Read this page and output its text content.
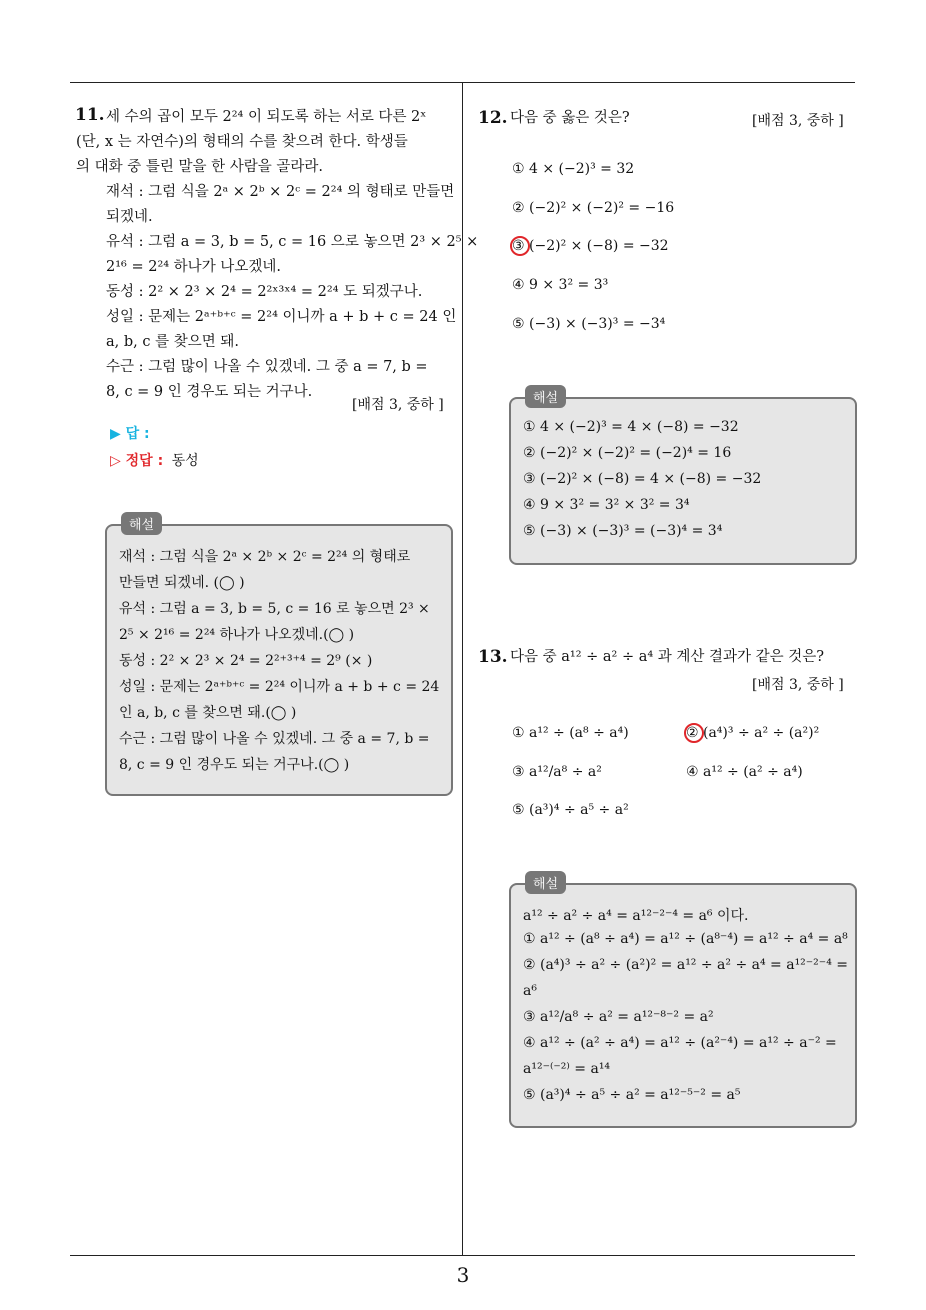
3
11. 세 수의 곱이 모두 2²⁴ 이 되도록 하는 서로 다른 2ˣ
(단, x 는 자연수)의 형태의 수를 찾으려 한다. 학생들
의 대화 중 틀린 말을 한 사람을 골라라.
재석 : 그럼 식을 2ᵃ × 2ᵇ × 2ᶜ = 2²⁴ 의 형태로 만들면
되겠네.
유석 : 그럼 a = 3, b = 5, c = 16 으로 놓으면 2³ × 2⁵ ×
2¹⁶ = 2²⁴ 하나가 나오겠네.
동성 : 2² × 2³ × 2⁴ = 2²ˣ³ˣ⁴ = 2²⁴ 도 되겠구나.
성일 : 문제는 2ᵃ⁺ᵇ⁺ᶜ = 2²⁴ 이니까 a + b + c = 24 인
a, b, c 를 찾으면 돼.
수근 : 그럼 많이 나올 수 있겠네. 그 중 a = 7, b =
8, c = 9 인 경우도 되는 거구나.
[배점 3, 중하 ]
▶ 답 :
▷ 정답 : 동성
해설
재석 : 그럼 식을 2ᵃ × 2ᵇ × 2ᶜ = 2²⁴ 의 형태로
만들면 되겠네. (◯ )
유석 : 그럼 a = 3, b = 5, c = 16 로 놓으면 2³ ×
2⁵ × 2¹⁶ = 2²⁴ 하나가 나오겠네.(◯ )
동성 : 2² × 2³ × 2⁴ = 2²⁺³⁺⁴ = 2⁹ (× )
성일 : 문제는 2ᵃ⁺ᵇ⁺ᶜ = 2²⁴ 이니까 a + b + c = 24
인 a, b, c 를 찾으면 돼.(◯ )
수근 : 그럼 많이 나올 수 있겠네. 그 중 a = 7, b =
8, c = 9 인 경우도 되는 거구나.(◯ )
12. 다음 중 옳은 것은?	[배점 3, 중하 ]
① 4 × (−2)³ = 32
② (−2)² × (−2)² = −16
③ (−2)² × (−8) = −32
④ 9 × 3² = 3³
⑤ (−3) × (−3)³ = −3⁴
해설
① 4 × (−2)³ = 4 × (−8) = −32
② (−2)² × (−2)² = (−2)⁴ = 16
③ (−2)² × (−8) = 4 × (−8) = −32
④ 9 × 3² = 3² × 3² = 3⁴
⑤ (−3) × (−3)³ = (−3)⁴ = 3⁴
13. 다음 중 a¹² ÷ a² ÷ a⁴ 과 계산 결과가 같은 것은?
[배점 3, 중하 ]
① a¹² ÷ (a⁸ ÷ a⁴)	② (a⁴)³ ÷ a² ÷ (a²)²
③ a¹²/a⁸ ÷ a²	④ a¹² ÷ (a² ÷ a⁴)
⑤ (a³)⁴ ÷ a⁵ ÷ a²
해설
a¹² ÷ a² ÷ a⁴ = a¹²⁻²⁻⁴ = a⁶ 이다.
① a¹² ÷ (a⁸ ÷ a⁴) = a¹² ÷ (a⁸⁻⁴) = a¹² ÷ a⁴ = a⁸
② (a⁴)³ ÷ a² ÷ (a²)² = a¹² ÷ a² ÷ a⁴ = a¹²⁻²⁻⁴ =
a⁶
③ a¹²/a⁸ ÷ a² = a¹²⁻⁸⁻² = a²
④ a¹² ÷ (a² ÷ a⁴) = a¹² ÷ (a²⁻⁴) = a¹² ÷ a⁻² =
a¹²⁻⁽⁻²⁾ = a¹⁴
⑤ (a³)⁴ ÷ a⁵ ÷ a² = a¹²⁻⁵⁻² = a⁵
